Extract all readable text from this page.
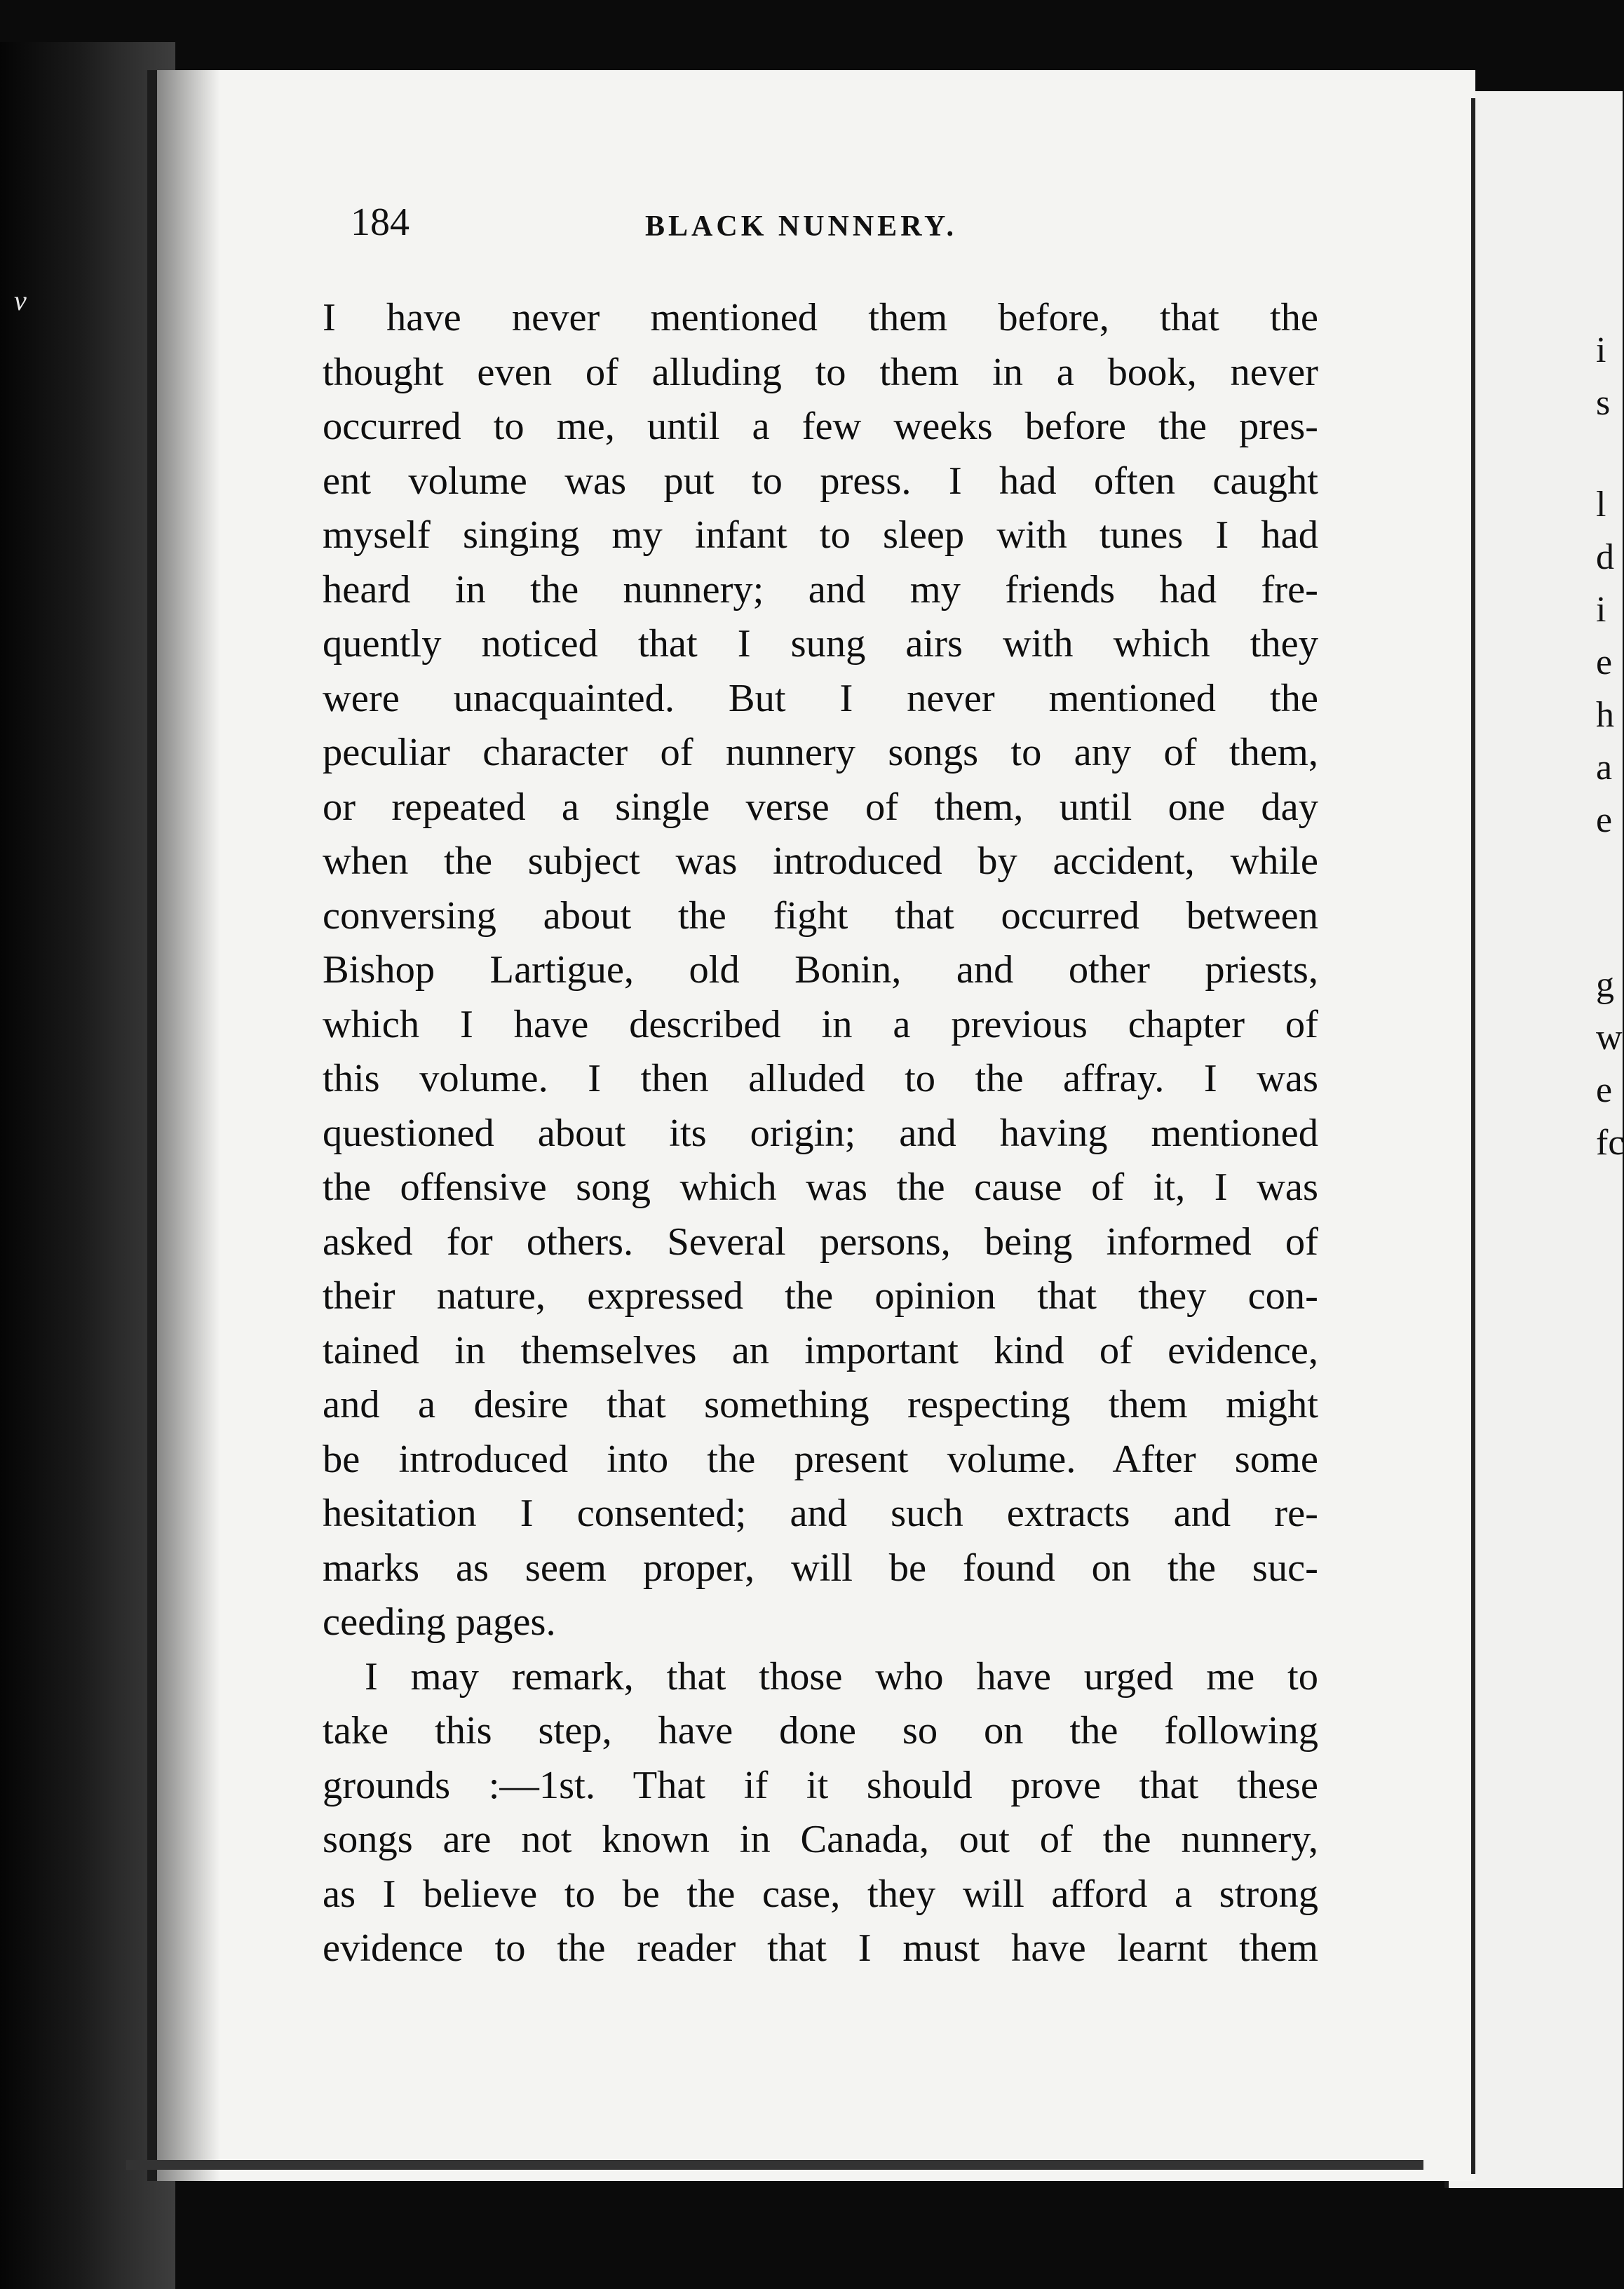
v
i
s
l
d
i
e
h
a
e
g
w
e
fc
184	BLACK NUNNERY.
I have never mentioned them before, that the
thought even of alluding to them in a book, never
occurred to me, until a few weeks before the pres-
ent volume was put to press. I had often caught
myself singing my infant to sleep with tunes I had
heard in the nunnery; and my friends had fre-
quently noticed that I sung airs with which they
were unacquainted. But I never mentioned the
peculiar character of nunnery songs to any of them,
or repeated a single verse of them, until one day
when the subject was introduced by accident, while
conversing about the fight that occurred between
Bishop Lartigue, old Bonin, and other priests,
which I have described in a previous chapter of
this volume. I then alluded to the affray. I was
questioned about its origin; and having mentioned
the offensive song which was the cause of it, I was
asked for others. Several persons, being informed of
their nature, expressed the opinion that they con-
tained in themselves an important kind of evidence,
and a desire that something respecting them might
be introduced into the present volume. After some
hesitation I consented; and such extracts and re-
marks as seem proper, will be found on the suc-
ceeding pages.
I may remark, that those who have urged me to
take this step, have done so on the following
grounds :—1st. That if it should prove that these
songs are not known in Canada, out of the nunnery,
as I believe to be the case, they will afford a strong
evidence to the reader that I must have learnt them
